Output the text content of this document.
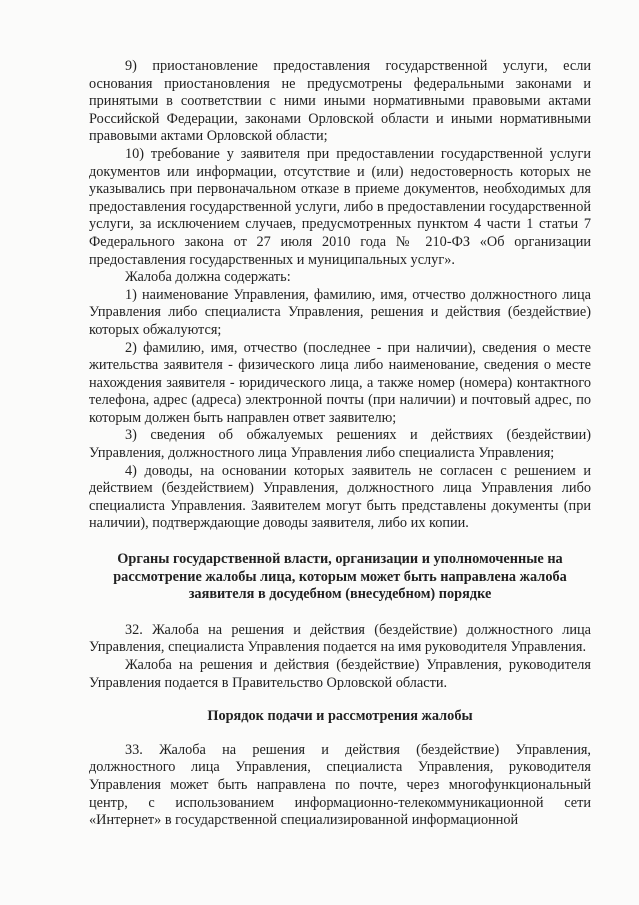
9) приостановление предоставления государственной услуги, если основания приостановления не предусмотрены федеральными законами и принятыми в соответствии с ними иными нормативными правовыми актами Российской Федерации, законами Орловской области и иными нормативными правовыми актами Орловской области;

10) требование у заявителя при предоставлении государственной услуги документов или информации, отсутствие и (или) недостоверность которых не указывались при первоначальном отказе в приеме документов, необходимых для предоставления государственной услуги, либо в предоставлении государственной услуги, за исключением случаев, предусмотренных пунктом 4 части 1 статьи 7 Федерального закона от 27 июля 2010 года № 210-ФЗ «Об организации предоставления государственных и муниципальных услуг».

Жалоба должна содержать:

1) наименование Управления, фамилию, имя, отчество должностного лица Управления либо специалиста Управления, решения и действия (бездействие) которых обжалуются;

2) фамилию, имя, отчество (последнее - при наличии), сведения о месте жительства заявителя - физического лица либо наименование, сведения о месте нахождения заявителя - юридического лица, а также номер (номера) контактного телефона, адрес (адреса) электронной почты (при наличии) и почтовый адрес, по которым должен быть направлен ответ заявителю;

3) сведения об обжалуемых решениях и действиях (бездействии) Управления, должностного лица Управления либо специалиста Управления;

4) доводы, на основании которых заявитель не согласен с решением и действием (бездействием) Управления, должностного лица Управления либо специалиста Управления. Заявителем могут быть представлены документы (при наличии), подтверждающие доводы заявителя, либо их копии.

Органы государственной власти, организации и уполномоченные на рассмотрение жалобы лица, которым может быть направлена жалоба заявителя в досудебном (внесудебном) порядке

32. Жалоба на решения и действия (бездействие) должностного лица Управления, специалиста Управления подается на имя руководителя Управления.

Жалоба на решения и действия (бездействие) Управления, руководителя Управления подается в Правительство Орловской области.

Порядок подачи и рассмотрения жалобы

33. Жалоба на решения и действия (бездействие) Управления, должностного лица Управления, специалиста Управления, руководителя Управления может быть направлена по почте, через многофункциональный центр, с использованием информационно-телекоммуникационной сети «Интернет» в государственной специализированной информационной
